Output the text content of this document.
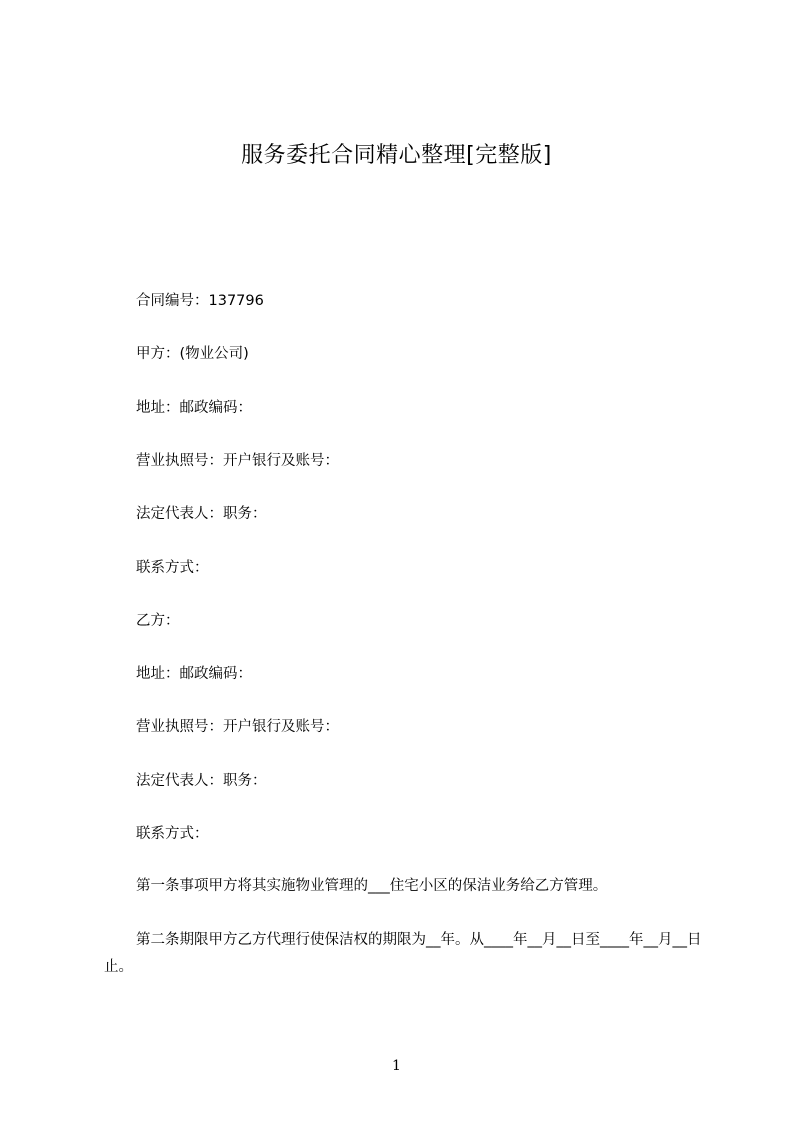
服务委托合同精心整理[完整版]
合同编号：137796
甲方：(物业公司)
地址：邮政编码：
营业执照号：开户银行及账号：
法定代表人：职务：
联系方式：
乙方：
地址：邮政编码：
营业执照号：开户银行及账号：
法定代表人：职务：
联系方式：
第一条事项甲方将其实施物业管理的___住宅小区的保洁业务给乙方管理。
第二条期限甲方乙方代理行使保洁权的期限为__年。从____年__月__日至____年__月__日止。
1
